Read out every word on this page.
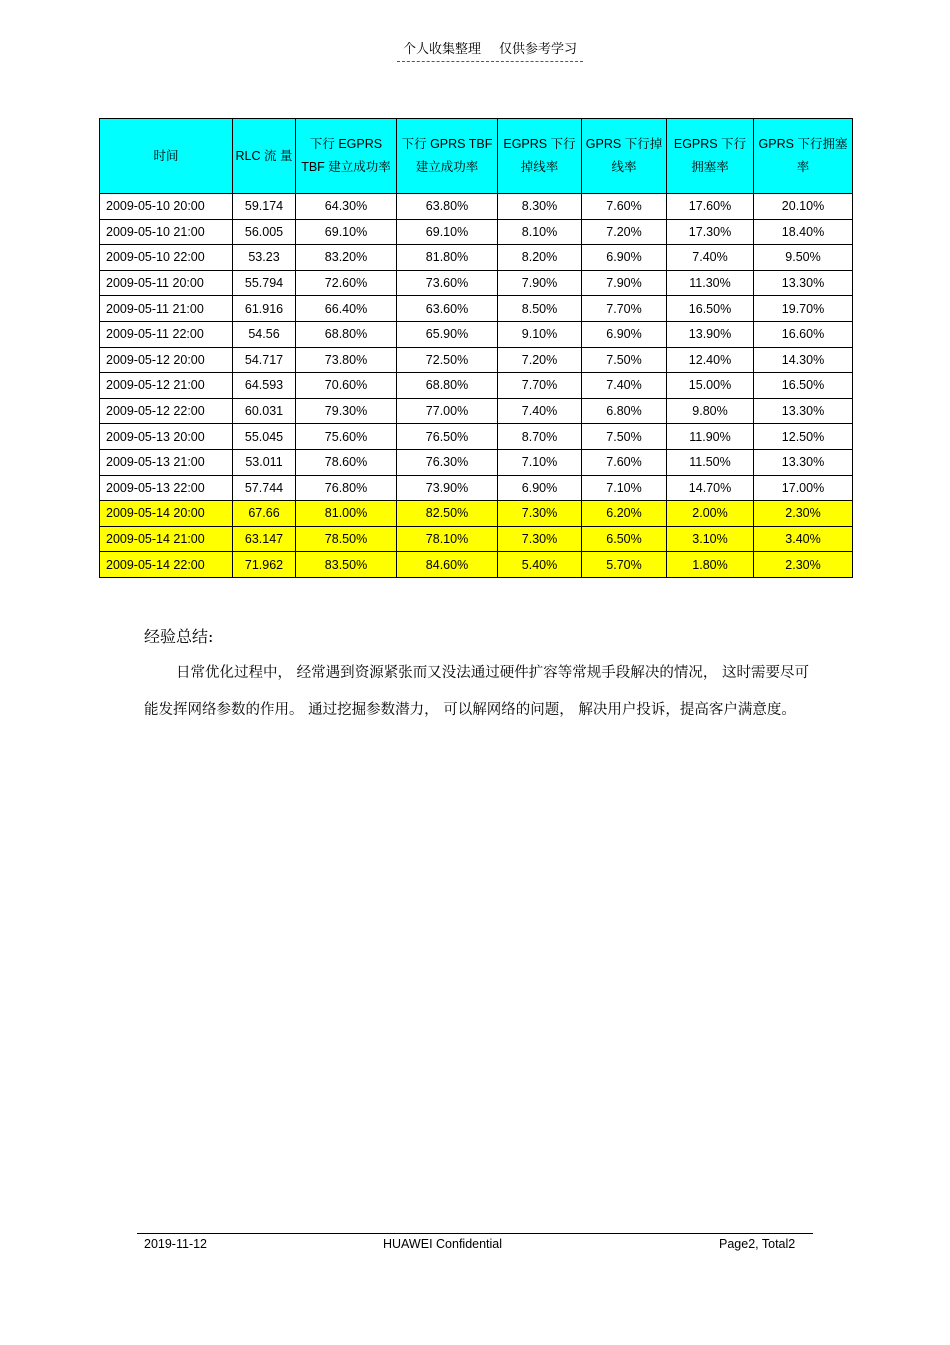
个人收集整理 仅供参考学习
时间	RLC 流 量	下行 EGPRS TBF 建立成功率	下行 GPRS TBF 建立成功率	EGPRS 下行掉线率	GPRS 下行掉线率	EGPRS 下行拥塞率	GPRS 下行拥塞率
2009-05-10 20:00	59.174	64.30%	63.80%	8.30%	7.60%	17.60%	20.10%
2009-05-10 21:00	56.005	69.10%	69.10%	8.10%	7.20%	17.30%	18.40%
2009-05-10 22:00	53.23	83.20%	81.80%	8.20%	6.90%	7.40%	9.50%
2009-05-11 20:00	55.794	72.60%	73.60%	7.90%	7.90%	11.30%	13.30%
2009-05-11 21:00	61.916	66.40%	63.60%	8.50%	7.70%	16.50%	19.70%
2009-05-11 22:00	54.56	68.80%	65.90%	9.10%	6.90%	13.90%	16.60%
2009-05-12 20:00	54.717	73.80%	72.50%	7.20%	7.50%	12.40%	14.30%
2009-05-12 21:00	64.593	70.60%	68.80%	7.70%	7.40%	15.00%	16.50%
2009-05-12 22:00	60.031	79.30%	77.00%	7.40%	6.80%	9.80%	13.30%
2009-05-13 20:00	55.045	75.60%	76.50%	8.70%	7.50%	11.90%	12.50%
2009-05-13 21:00	53.011	78.60%	76.30%	7.10%	7.60%	11.50%	13.30%
2009-05-13 22:00	57.744	76.80%	73.90%	6.90%	7.10%	14.70%	17.00%
2009-05-14 20:00	67.66	81.00%	82.50%	7.30%	6.20%	2.00%	2.30%
2009-05-14 21:00	63.147	78.50%	78.10%	7.30%	6.50%	3.10%	3.40%
2009-05-14 22:00	71.962	83.50%	84.60%	5.40%	5.70%	1.80%	2.30%
经验总结:
日常优化过程中， 经常遇到资源紧张而又没法通过硬件扩容等常规手段解决的情况， 这时需要尽可能发挥网络参数的作用。 通过挖掘参数潜力， 可以解网络的问题， 解决用户投诉，提高客户满意度。
2019-11-12	HUAWEI Confidential	Page2, Total2
